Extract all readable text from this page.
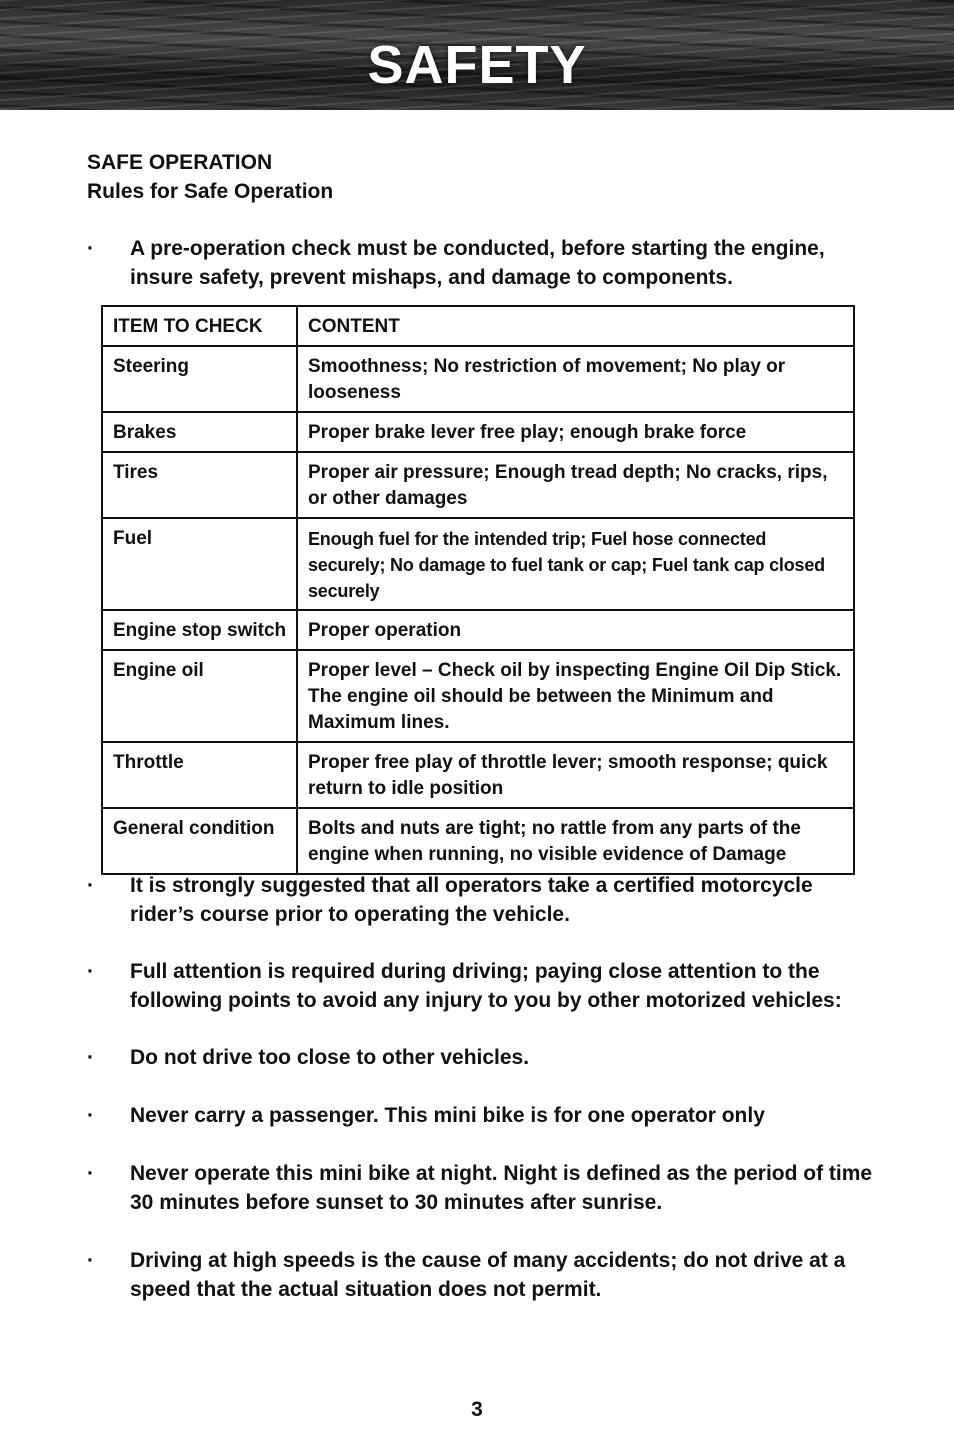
SAFETY
SAFE OPERATION
Rules for Safe Operation
·	A pre-operation check must be conducted, before starting the engine, insure safety, prevent mishaps, and damage to components.
ITEM TO CHECK	CONTENT
Steering	Smoothness; No restriction of movement; No play or looseness
Brakes	Proper brake lever free play; enough brake force
Tires	Proper air pressure; Enough tread depth; No cracks, rips, or other damages
Fuel	Enough fuel for the intended trip; Fuel hose connected securely; No damage to fuel tank or cap; Fuel tank cap closed securely
Engine stop switch	Proper operation
Engine oil	Proper level – Check oil by inspecting Engine Oil Dip Stick. The engine oil should be between the Minimum and Maximum lines.
Throttle	Proper free play of throttle lever; smooth response; quick return to idle position
General condition	Bolts and nuts are tight; no rattle from any parts of the engine when running, no visible evidence of Damage
·	It is strongly suggested that all operators take a certified motorcycle rider’s course prior to operating the vehicle.
·	Full attention is required during driving; paying close attention to the following points to avoid any injury to you by other motorized vehicles:
·	Do not drive too close to other vehicles.
·	Never carry a passenger. This mini bike is for one operator only
·	Never operate this mini bike at night. Night is defined as the period of time 30 minutes before sunset to 30 minutes after sunrise.
·	Driving at high speeds is the cause of many accidents; do not drive at a speed that the actual situation does not permit.
3
